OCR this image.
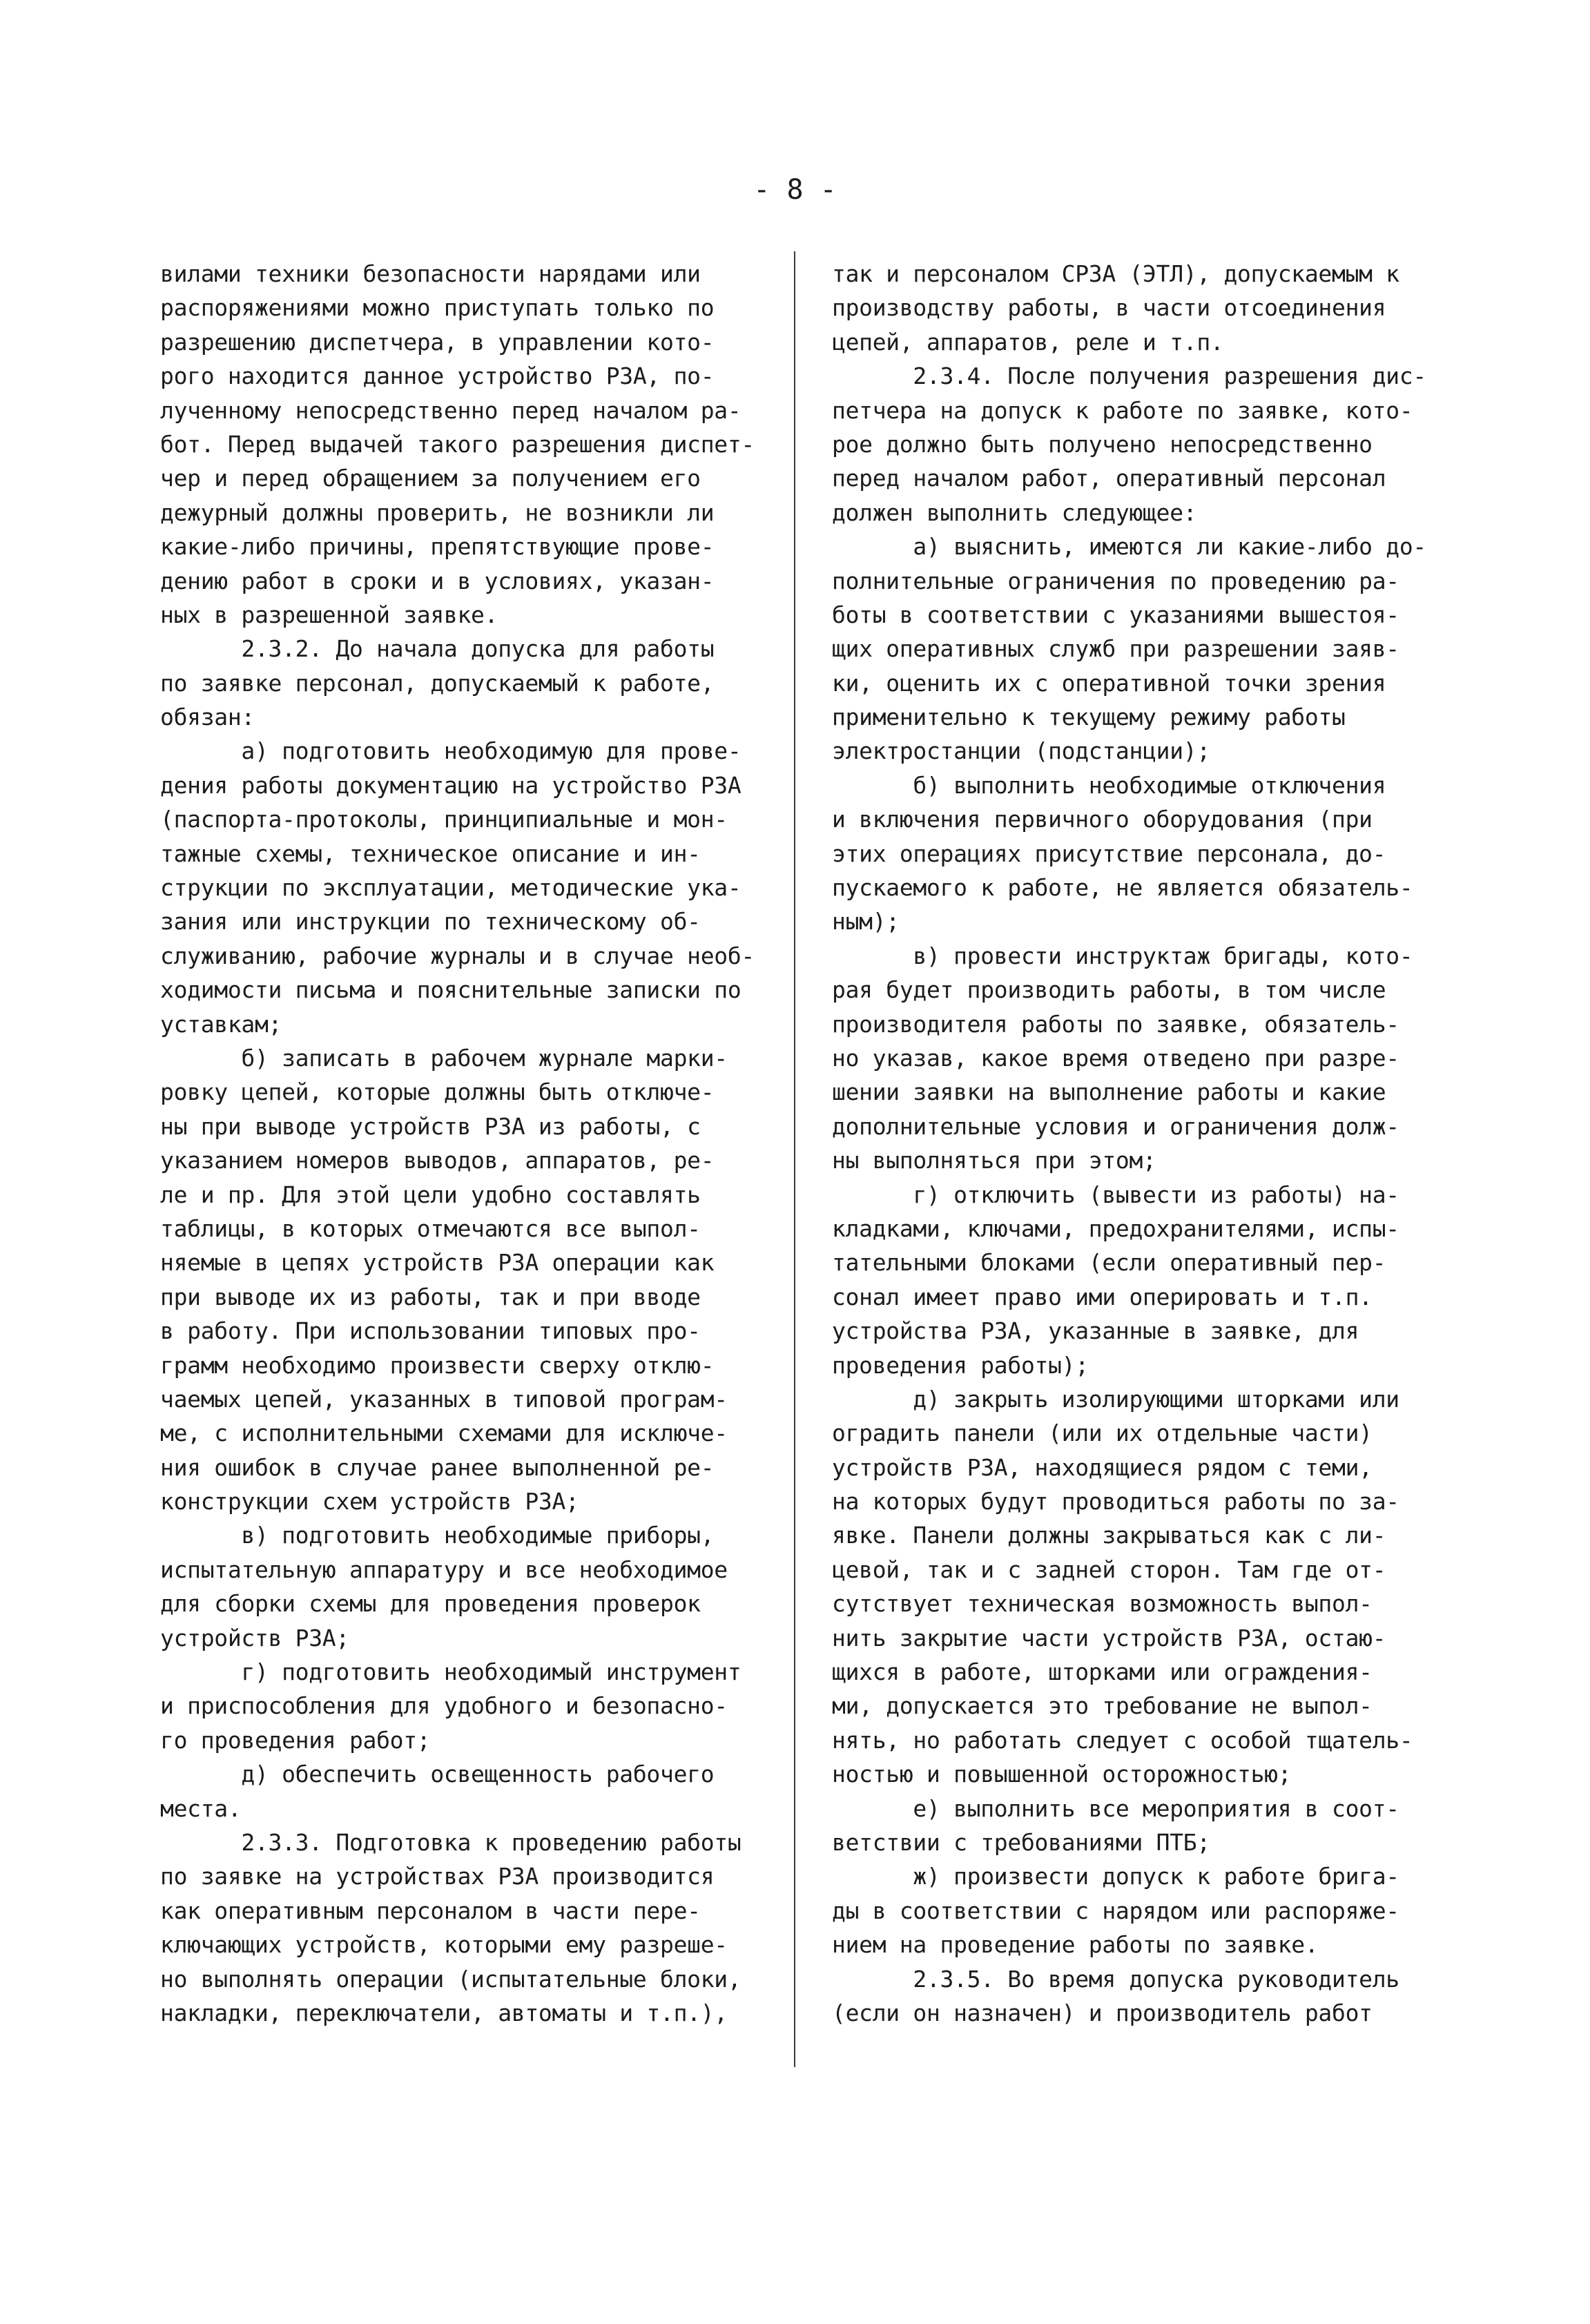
- 8 -
вилами техники безопасности нарядами или
распоряжениями можно приступать только по
разрешению диспетчера, в управлении кото-
рого находится данное устройство РЗА, по-
лученному непосредственно перед началом ра-
бот. Перед выдачей такого разрешения диспет-
чер и перед обращением за получением его
дежурный должны проверить, не возникли ли
какие-либо причины, препятствующие прове-
дению работ в сроки и в условиях, указан-
ных в разрешенной заявке.
2.3.2. До начала допуска для работы
по заявке персонал, допускаемый к работе,
обязан:
а) подготовить необходимую для прове-
дения работы документацию на устройство РЗА
(паспорта-протоколы, принципиальные и мон-
тажные схемы, техническое описание и ин-
струкции по эксплуатации, методические ука-
зания или инструкции по техническому об-
служиванию, рабочие журналы и в случае необ-
ходимости письма и пояснительные записки по
уставкам;
б) записать в рабочем журнале марки-
ровку цепей, которые должны быть отключе-
ны при выводе устройств РЗА из работы, с
указанием номеров выводов, аппаратов, ре-
ле и пр. Для этой цели удобно составлять
таблицы, в которых отмечаются все выпол-
няемые в цепях устройств РЗА операции как
при выводе их из работы, так и при вводе
в работу. При использовании типовых про-
грамм необходимо произвести сверху отклю-
чаемых цепей, указанных в типовой програм-
ме, с исполнительными схемами для исключе-
ния ошибок в случае ранее выполненной ре-
конструкции схем устройств РЗА;
в) подготовить необходимые приборы,
испытательную аппаратуру и все необходимое
для сборки схемы для проведения проверок
устройств РЗА;
г) подготовить необходимый инструмент
и приспособления для удобного и безопасно-
го проведения работ;
д) обеспечить освещенность рабочего
места.
2.3.3. Подготовка к проведению работы
по заявке на устройствах РЗА производится
как оперативным персоналом в части пере-
ключающих устройств, которыми ему разреше-
но выполнять операции (испытательные блоки,
накладки, переключатели, автоматы и т.п.),
так и персоналом СРЗА (ЭТЛ), допускаемым к
производству работы, в части отсоединения
цепей, аппаратов, реле и т.п.
2.3.4. После получения разрешения дис-
петчера на допуск к работе по заявке, кото-
рое должно быть получено непосредственно
перед началом работ, оперативный персонал
должен выполнить следующее:
а) выяснить, имеются ли какие-либо до-
полнительные ограничения по проведению ра-
боты в соответствии с указаниями вышестоя-
щих оперативных служб при разрешении заяв-
ки, оценить их с оперативной точки зрения
применительно к текущему режиму работы
электростанции (подстанции);
б) выполнить необходимые отключения
и включения первичного оборудования (при
этих операциях присутствие персонала, до-
пускаемого к работе, не является обязатель-
ным);
в) провести инструктаж бригады, кото-
рая будет производить работы, в том числе
производителя работы по заявке, обязатель-
но указав, какое время отведено при разре-
шении заявки на выполнение работы и какие
дополнительные условия и ограничения долж-
ны выполняться при этом;
г) отключить (вывести из работы) на-
кладками, ключами, предохранителями, испы-
тательными блоками (если оперативный пер-
сонал имеет право ими оперировать и т.п.
устройства РЗА, указанные в заявке, для
проведения работы);
д) закрыть изолирующими шторками или
оградить панели (или их отдельные части)
устройств РЗА, находящиеся рядом с теми,
на которых будут проводиться работы по за-
явке. Панели должны закрываться как с ли-
цевой, так и с задней сторон. Там где от-
сутствует техническая возможность выпол-
нить закрытие части устройств РЗА, остаю-
щихся в работе, шторками или ограждения-
ми, допускается это требование не выпол-
нять, но работать следует с особой тщатель-
ностью и повышенной осторожностью;
е) выполнить все мероприятия в соот-
ветствии с требованиями ПТБ;
ж) произвести допуск к работе брига-
ды в соответствии с нарядом или распоряже-
нием на проведение работы по заявке.
2.3.5. Во время допуска руководитель
(если он назначен) и производитель работ
